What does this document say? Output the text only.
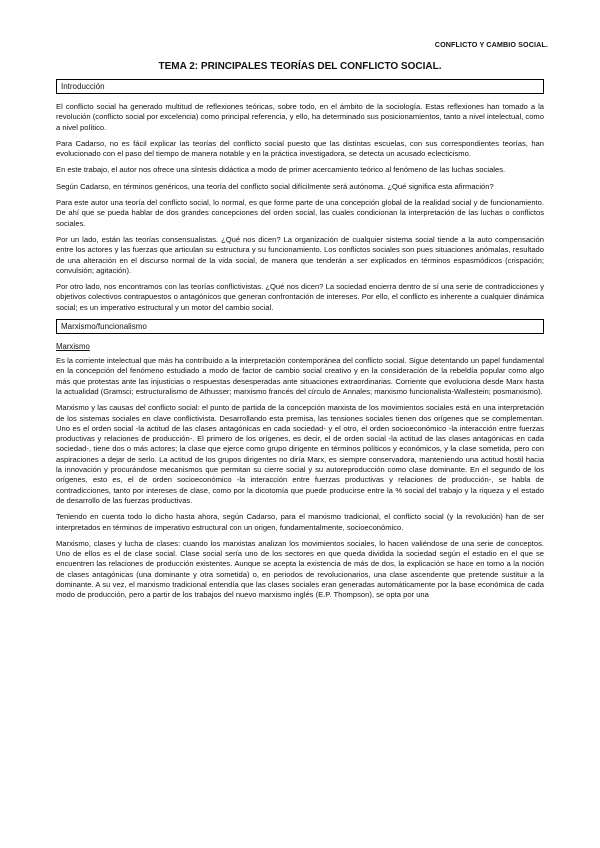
CONFLICTO Y CAMBIO SOCIAL.
TEMA 2: PRINCIPALES TEORÍAS DEL CONFLICTO SOCIAL.
Introducción

El conflicto social ha generado multitud de reflexiones teóricas, sobre todo, en el ámbito de la sociología. Estas reflexiones han tomado a la revolución (conflicto social por excelencia) como principal referencia, y ello, ha determinado sus posicionamientos, tanto a nivel intelectual, como a nivel político.

Para Cadarso, no es fácil explicar las teorías del conflicto social puesto que las distintas escuelas, con sus correspondientes teorías, han evolucionado con el paso del tiempo de manera notable y en la práctica investigadora, se detecta un acusado eclecticismo.

En este trabajo, el autor nos ofrece una síntesis didáctica a modo de primer acercamiento teórico al fenómeno de las luchas sociales.

Según Cadarso, en términos genéricos, una teoría del conflicto social difícilmente será autónoma. ¿Qué significa esta afirmación?

Para este autor una teoría del conflicto social, lo normal, es que forme parte de una concepción global de la realidad social y de funcionamiento. De ahí que se pueda hablar de dos grandes concepciones del orden social, las cuales condicionan la interpretación de las luchas o conflictos sociales.

Por un lado, están las teorías consensualistas. ¿Qué nos dicen? La organización de cualquier sistema social tiende a la auto compensación entre los actores y las fuerzas que articulan su estructura y su funcionamiento. Los conflictos sociales son pues situaciones anómalas, resultado de una alteración en el discurso normal de la vida social, de manera que tenderán a ser explicados en términos espasmódicos (crispación; convulsión; agitación).

Por otro lado, nos encontramos con las teorías conflictivistas. ¿Qué nos dicen? La sociedad encierra dentro de sí una serie de contradicciones y objetivos colectivos contrapuestos o antagónicos que generan confrontación de intereses. Por ello, el conflicto es inherente a cualquier dinámica social; es un imperativo estructural y un motor del cambio social.

Marxismo/funcionalismo
Marxismo

Es la corriente intelectual que más ha contribuido a la interpretación contemporánea del conflicto social. Sigue detentando un papel fundamental en la concepción del fenómeno estudiado a modo de factor de cambio social creativo y en la consideración de la rebeldía popular como algo más que protestas ante las injusticias o respuestas desesperadas ante situaciones extraordinarias. Corriente que evoluciona desde Marx hasta la actualidad (Gramsci; estructuralismo de Athusser; marxismo francés del círculo de Annales; marxismo funcionalista-Wallestein; posmarxismo).

Marxismo y las causas del conflicto social: el punto de partida de la concepción marxista de los movimientos sociales está en una interpretación de los sistemas sociales en clave conflictivista. Desarrollando esta premisa, las tensiones sociales tienen dos orígenes que se complementan. Uno es el orden social -la actitud de las clases antagónicas en cada sociedad- y el otro, el orden socioeconómico -la interacción entre fuerzas productivas y relaciones de producción-. El primero de los orígenes, es decir, el de orden social -la actitud de las clases antagónicas en cada sociedad-, tiene dos o más actores; la clase que ejerce como grupo dirigente en términos políticos y económicos, y la clase sometida, pero con aspiraciones a dejar de serlo. La actitud de los grupos dirigentes no diría Marx, es siempre conservadora, manteniendo una actitud hostil hacia la innovación y procurándose mecanismos que permitan su cierre social y su autoreproducción como clase dominante. En el segundo de los orígenes, esto es, el de orden socioeconómico -la interacción entre fuerzas productivas y relaciones de producción-, se habla de contradicciones, tanto por intereses de clase, como por la dicotomía que puede producirse entre la % social del trabajo y la riqueza y el estado de desarrollo de las fuerzas productivas.

Teniendo en cuenta todo lo dicho hasta ahora, según Cadarso, para el marxismo tradicional, el conflicto social (y la revolución) han de ser interpretados en términos de imperativo estructural con un origen, fundamentalmente, socioeconómico.

Marxismo, clases y lucha de clases: cuando los marxistas analizan los movimientos sociales, lo hacen valiéndose de una serie de conceptos. Uno de ellos es el de clase social. Clase social sería uno de los sectores en que queda dividida la sociedad según el estadio en el que se encuentren las relaciones de producción existentes. Aunque se acepta la existencia de más de dos, la explicación se hace en torno a la noción de clases antagónicas (una dominante y otra sometida) o, en periodos de revolucionarios, una clase ascendente que pretende sustituir a la dominante. A su vez, el marxismo tradicional entendía que las clases sociales eran generadas automáticamente por la base económica de cada modo de producción, pero a partir de los trabajos del nuevo marxismo inglés (E.P. Thompson), se opta por una
